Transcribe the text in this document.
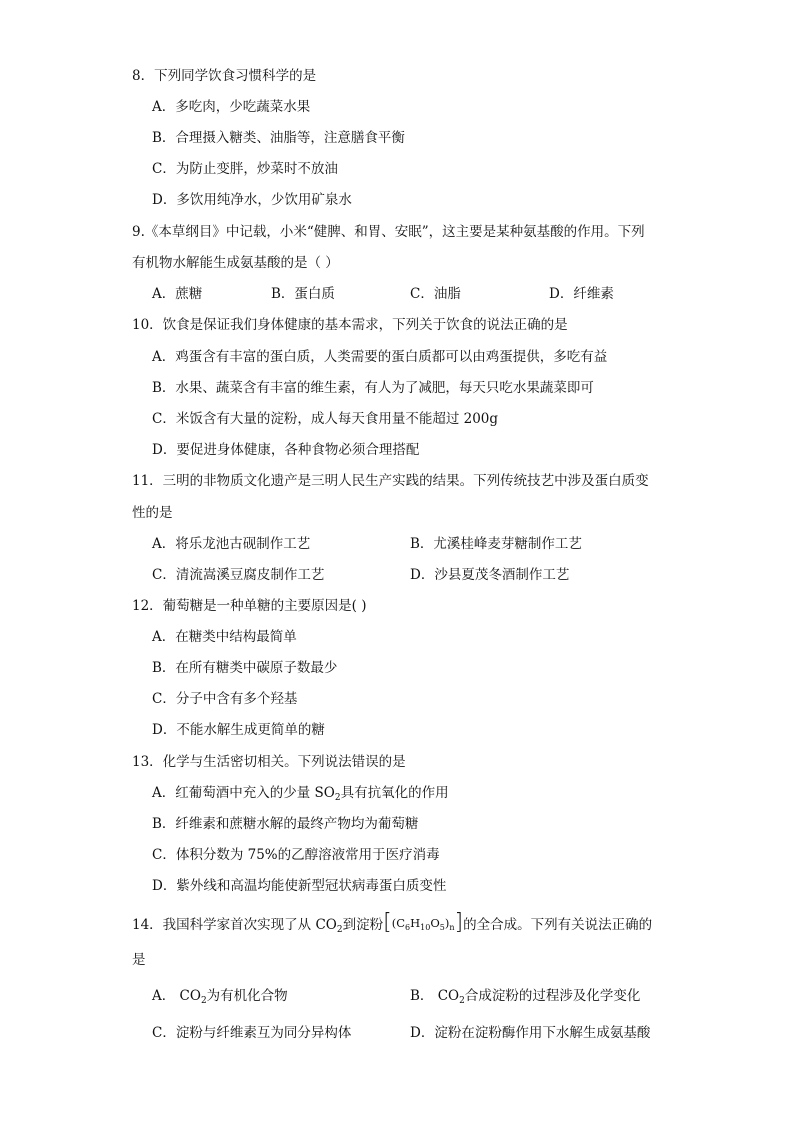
8．下列同学饮食习惯科学的是
A．多吃肉，少吃蔬菜水果
B．合理摄入糖类、油脂等，注意膳食平衡
C．为防止变胖，炒菜时不放油
D．多饮用纯净水，少饮用矿泉水
9.《本草纲目》中记载，小米“健脾、和胃、安眠”，这主要是某种氨基酸的作用。下列
有机物水解能生成氨基酸的是（ ）
A．蔗糖	B．蛋白质	C．油脂	D．纤维素
10．饮食是保证我们身体健康的基本需求，下列关于饮食的说法正确的是
A．鸡蛋含有丰富的蛋白质，人类需要的蛋白质都可以由鸡蛋提供，多吃有益
B．水果、蔬菜含有丰富的维生素，有人为了减肥，每天只吃水果蔬菜即可
C．米饭含有大量的淀粉，成人每天食用量不能超过 200g
D．要促进身体健康，各种食物必须合理搭配
11．三明的非物质文化遗产是三明人民生产实践的结果。下列传统技艺中涉及蛋白质变
性的是
A．将乐龙池古砚制作工艺	B．尤溪桂峰麦芽糖制作工艺
C．清流嵩溪豆腐皮制作工艺	D．沙县夏茂冬酒制作工艺
12．葡萄糖是一种单糖的主要原因是( )
A．在糖类中结构最简单
B．在所有糖类中碳原子数最少
C．分子中含有多个羟基
D．不能水解生成更简单的糖
13．化学与生活密切相关。下列说法错误的是
A．红葡萄酒中充入的少量 $SO_2$具有抗氧化的作用
B．纤维素和蔗糖水解的最终产物均为葡萄糖
C．体积分数为 75%的乙醇溶液常用于医疗消毒
D．紫外线和高温均能使新型冠状病毒蛋白质变性
14．我国科学家首次实现了从 $CO_2$到淀粉 [ $(C_6H_{10}O_5)_n$ ] 的全合成。下列有关说法正确的
是
A． $CO_2$为有机化合物	B． $CO_2$合成淀粉的过程涉及化学变化
C．淀粉与纤维素互为同分异构体	D．淀粉在淀粉酶作用下水解生成氨基酸
